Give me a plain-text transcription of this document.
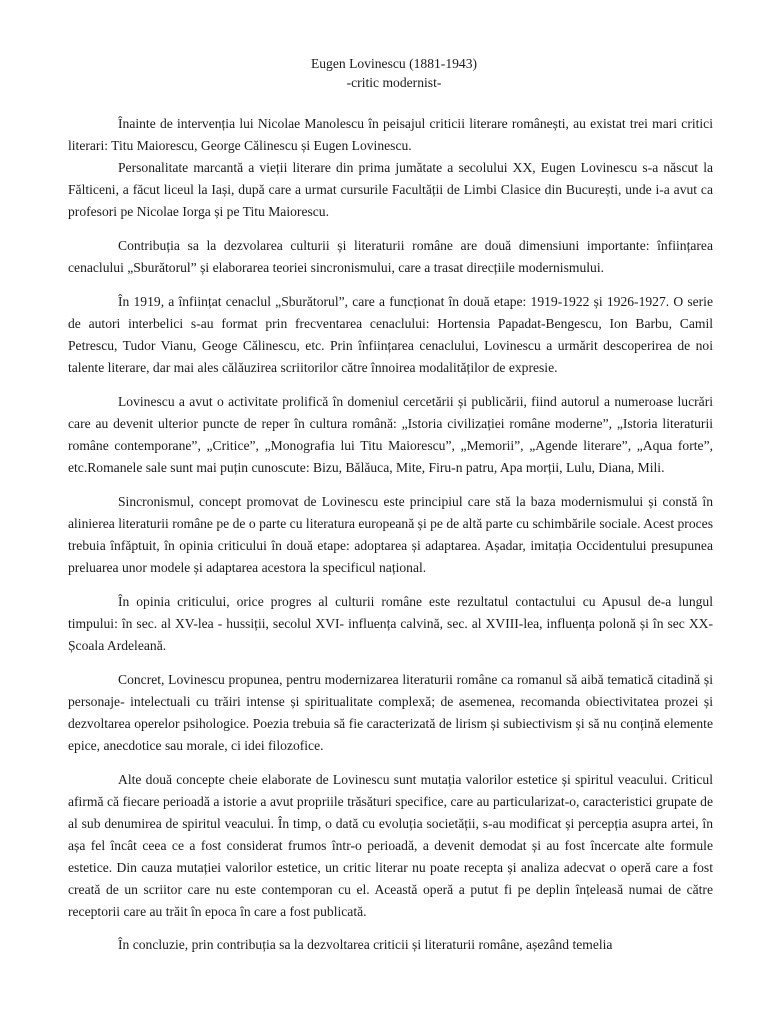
Eugen Lovinescu (1881-1943)
-critic modernist-

Înainte de intervenția lui Nicolae Manolescu în peisajul criticii literare românești, au existat trei mari critici literari: Titu Maiorescu, George Călinescu și Eugen Lovinescu.

Personalitate marcantă a vieții literare din prima jumătate a secolului XX, Eugen Lovinescu s-a născut la Fălticeni, a făcut liceul la Iași, după care a urmat cursurile Facultății de Limbi Clasice din București, unde i-a avut ca profesori pe Nicolae Iorga și pe Titu Maiorescu.

Contribuția sa la dezvolarea culturii și literaturii române are două dimensiuni importante: înființarea cenaclului „Sburătorul” și elaborarea teoriei sincronismului, care a trasat direcțiile modernismului.

În 1919, a înființat cenaclul „Sburătorul”, care a funcționat în două etape: 1919-1922 și 1926-1927. O serie de autori interbelici s-au format prin frecventarea cenaclului: Hortensia Papadat-Bengescu, Ion Barbu, Camil Petrescu, Tudor Vianu, Geoge Călinescu, etc. Prin înființarea cenaclului, Lovinescu a urmărit descoperirea de noi talente literare, dar mai ales călăuzirea scriitorilor către înnoirea modalităților de expresie.

Lovinescu a avut o activitate prolifică în domeniul cercetării și publicării, fiind autorul a numeroase lucrări care au devenit ulterior puncte de reper în cultura română: „Istoria civilizației române moderne”, „Istoria literaturii române contemporane”, „Critice”, „Monografia lui Titu Maiorescu”, „Memorii”, „Agende literare”, „Aqua forte”, etc.Romanele sale sunt mai puțin cunoscute: Bizu, Bălăuca, Mite, Firu-n patru, Apa morții, Lulu, Diana, Mili.

Sincronismul, concept promovat de Lovinescu este principiul care stă la baza modernismului și constă în alinierea literaturii române pe de o parte cu literatura europeană și pe de altă parte cu schimbările sociale. Acest proces trebuia înfăptuit, în opinia criticului în două etape: adoptarea și adaptarea. Așadar, imitația Occidentului presupunea preluarea unor modele și adaptarea acestora la specificul național.

În opinia criticului, orice progres al culturii române este rezultatul contactului cu Apusul de-a lungul timpului: în sec. al XV-lea - hussiții, secolul XVI- influența calvină, sec. al XVIII-lea, influența polonă și în sec XX- Școala Ardeleană.

Concret, Lovinescu propunea, pentru modernizarea literaturii române ca romanul să aibă tematică citadină și personaje- intelectuali cu trăiri intense și spiritualitate complexă; de asemenea, recomanda obiectivitatea prozei și dezvoltarea operelor psihologice. Poezia trebuia să fie caracterizată de lirism și subiectivism și să nu conțină elemente epice, anecdotice sau morale, ci idei filozofice.

Alte două concepte cheie elaborate de Lovinescu sunt mutația valorilor estetice și spiritul veacului. Criticul afirmă că fiecare perioadă a istorie a avut propriile trăsături specifice, care au particularizat-o, caracteristici grupate de al sub denumirea de spiritul veacului. În timp, o dată cu evoluția societății, s-au modificat și percepția asupra artei, în așa fel încât ceea ce a fost considerat frumos într-o perioadă, a devenit demodat și au fost încercate alte formule estetice. Din cauza mutației valorilor estetice, un critic literar nu poate recepta și analiza adecvat o operă care a fost creată de un scriitor care nu este contemporan cu el. Această operă a putut fi pe deplin înțeleasă numai de către receptorii care au trăit în epoca în care a fost publicată.

În concluzie, prin contribuția sa la dezvoltarea criticii și literaturii române, așezând temelia
